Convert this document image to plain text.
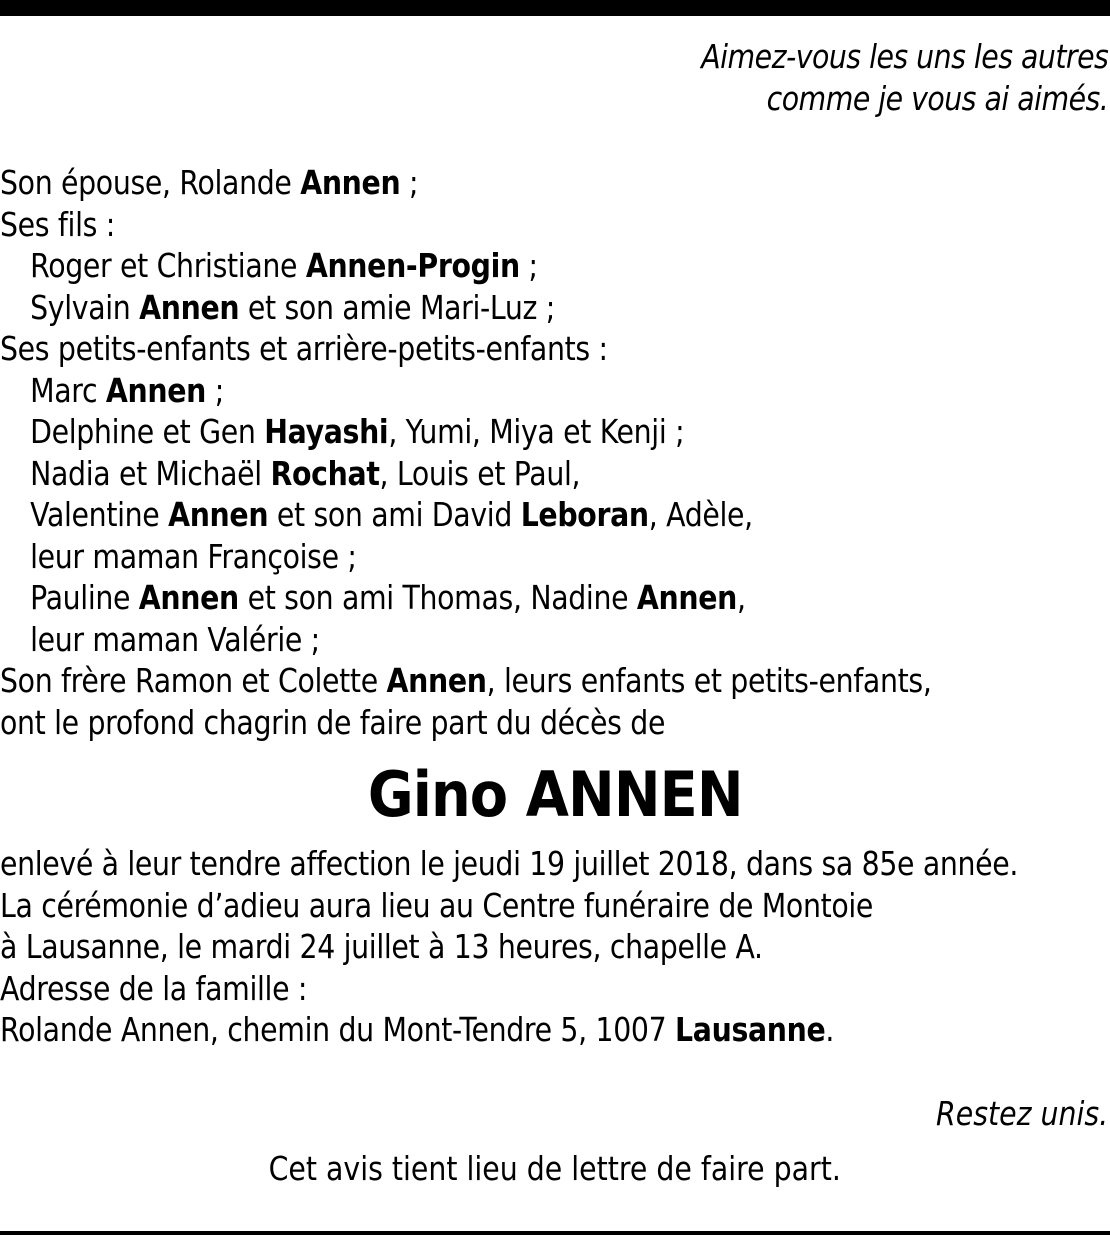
Aimez-vous les uns les autres
comme je vous ai aimés.
Son épouse, Rolande Annen ;
Ses fils :
Roger et Christiane Annen-Progin ;
Sylvain Annen et son amie Mari-Luz ;
Ses petits-enfants et arrière-petits-enfants :
Marc Annen ;
Delphine et Gen Hayashi, Yumi, Miya et Kenji ;
Nadia et Michaël Rochat, Louis et Paul,
Valentine Annen et son ami David Leboran, Adèle,
leur maman Françoise ;
Pauline Annen et son ami Thomas, Nadine Annen,
leur maman Valérie ;
Son frère Ramon et Colette Annen, leurs enfants et petits-enfants,
ont le profond chagrin de faire part du décès de
Gino ANNEN
enlevé à leur tendre affection le jeudi 19 juillet 2018, dans sa 85e année.
La cérémonie d’adieu aura lieu au Centre funéraire de Montoie
à Lausanne, le mardi 24 juillet à 13 heures, chapelle A.
Adresse de la famille :
Rolande Annen, chemin du Mont-Tendre 5, 1007 Lausanne.
Restez unis.
Cet avis tient lieu de lettre de faire part.
